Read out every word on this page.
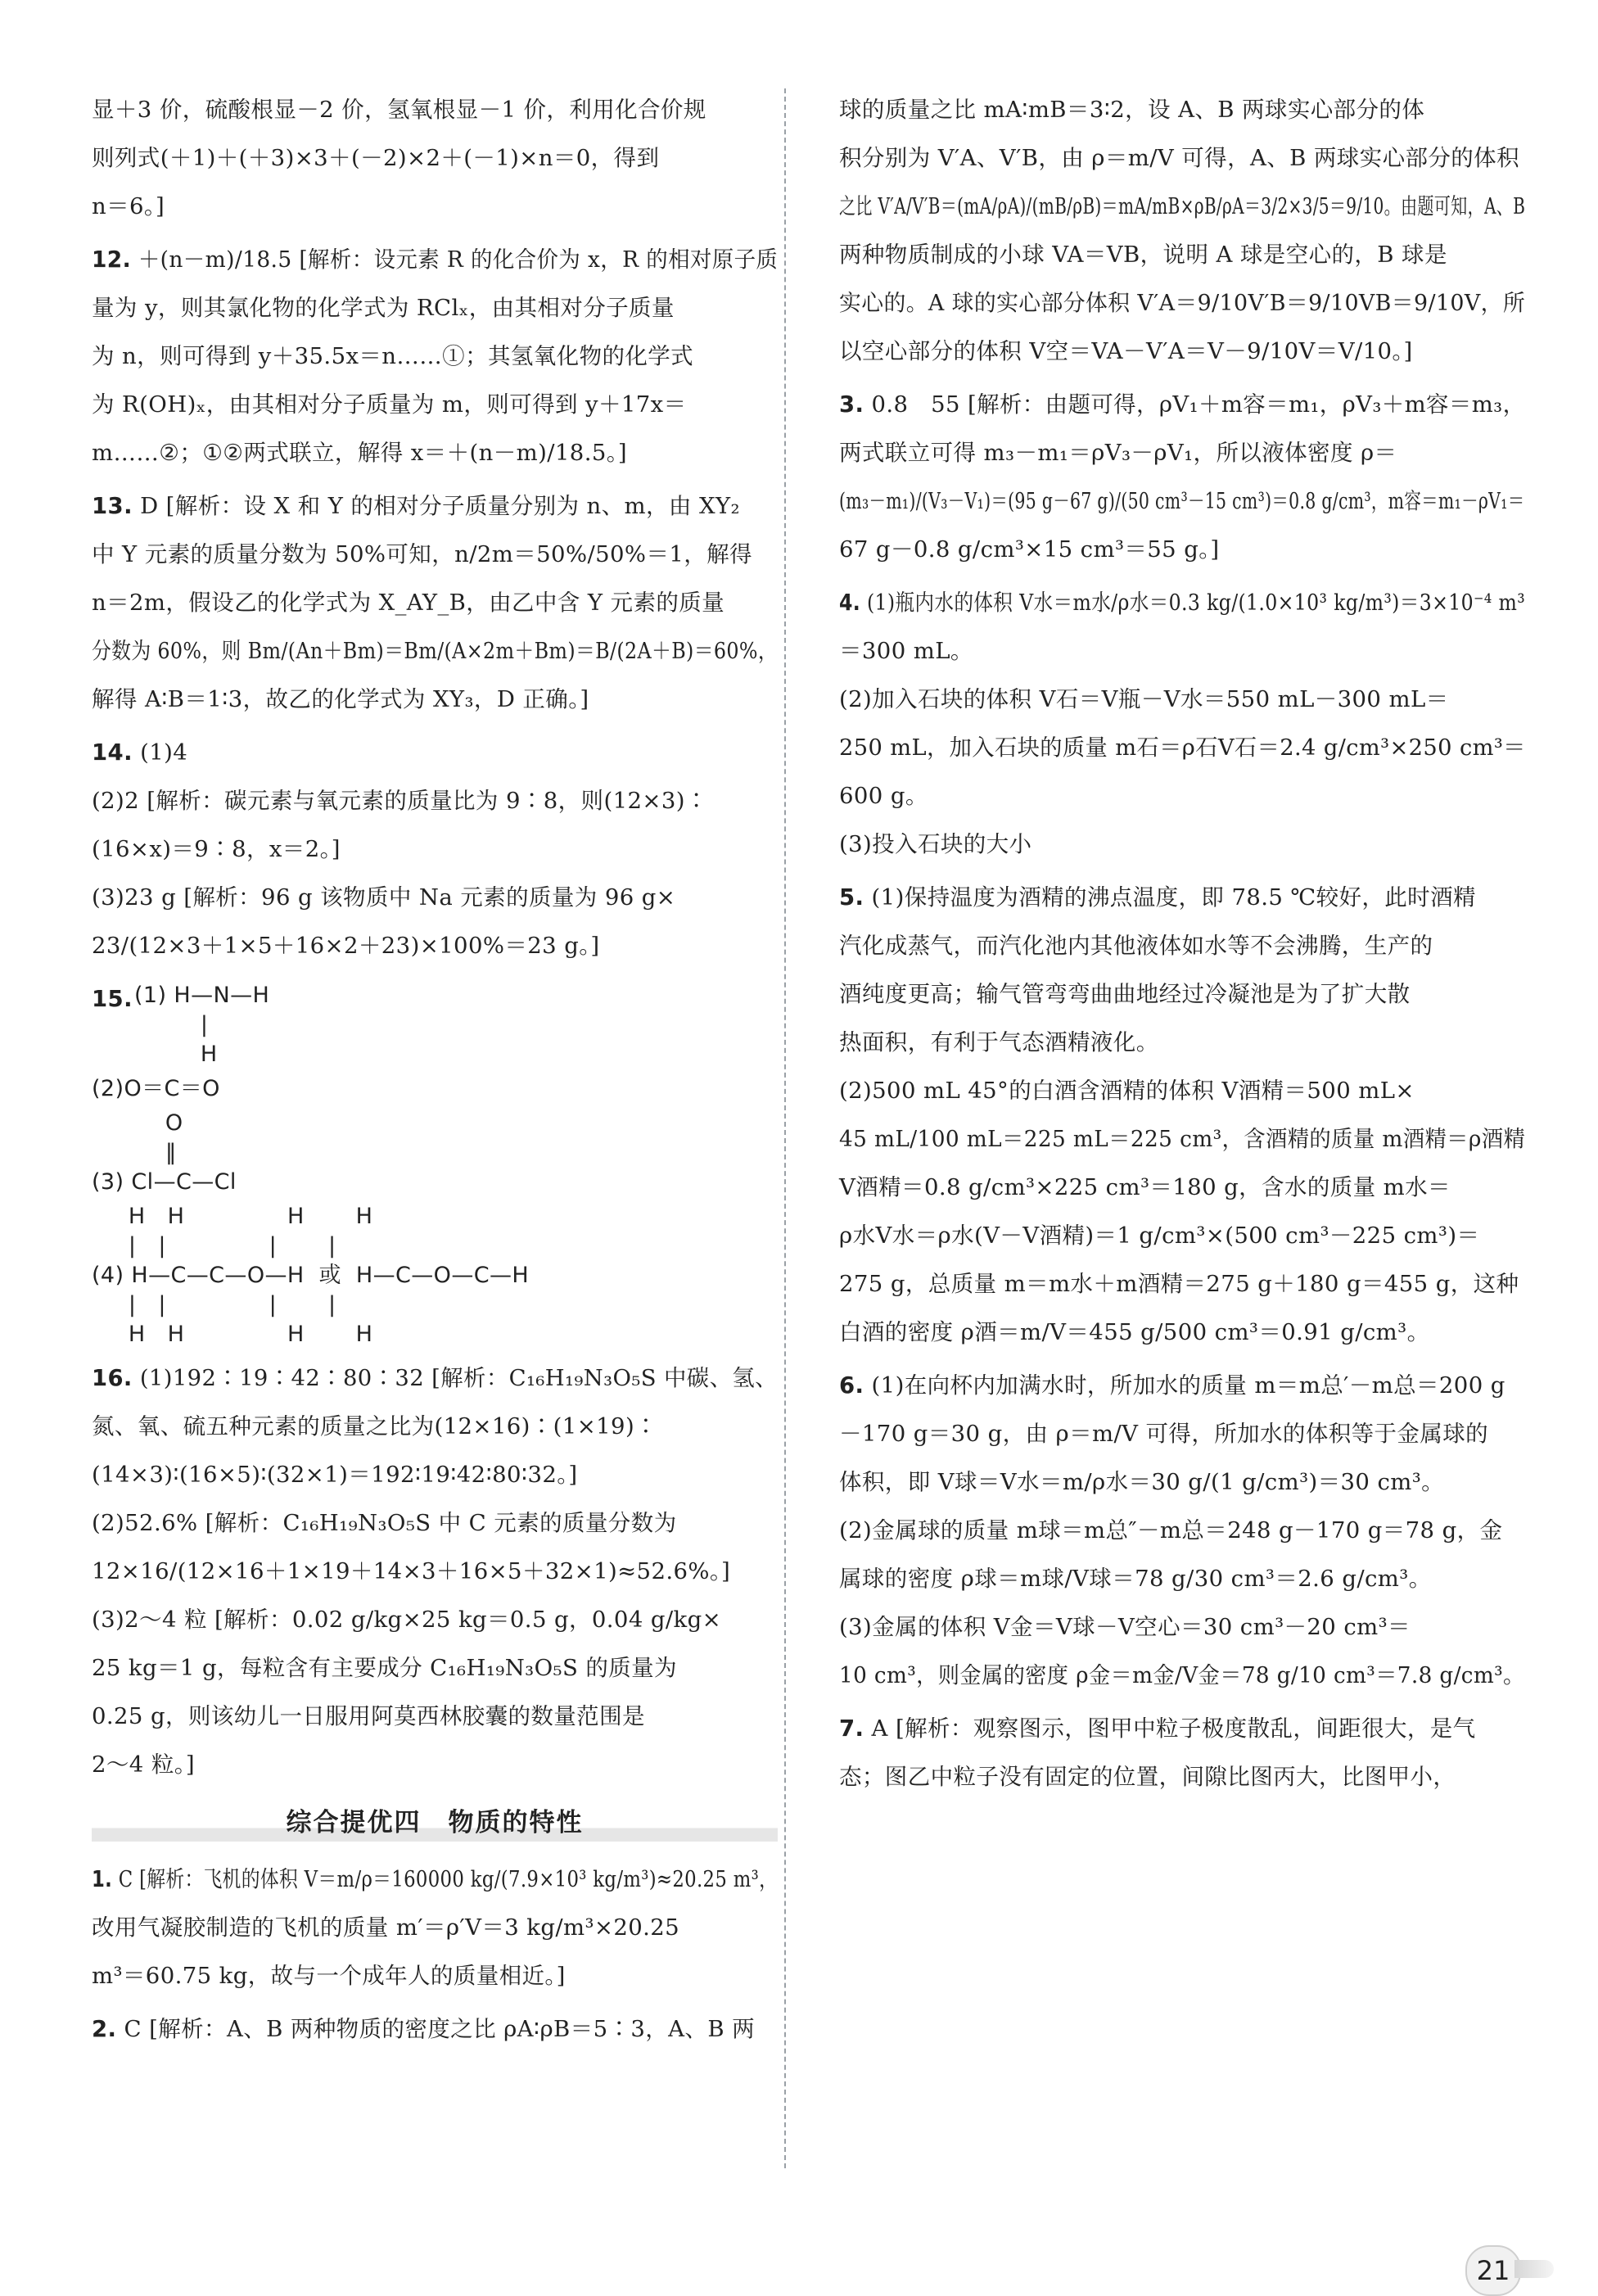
显＋3 价，硫酸根显－2 价，氢氧根显－1 价，利用化合价规
则列式(＋1)＋(＋3)×3＋(－2)×2＋(－1)×n＝0，得到
n＝6。]
12. ＋(n－m)/18.5 [解析：设元素 R 的化合价为 x，R 的相对原子质
量为 y，则其氯化物的化学式为 RClₓ，由其相对分子质量
为 n，则可得到 y＋35.5x＝n……①；其氢氧化物的化学式
为 R(OH)ₓ，由其相对分子质量为 m，则可得到 y＋17x＝
m……②；①②两式联立，解得 x＝＋(n－m)/18.5。]
13. D [解析：设 X 和 Y 的相对分子质量分别为 n、m，由 XY₂
中 Y 元素的质量分数为 50%可知，n/2m＝50%/50%＝1，解得
n＝2m，假设乙的化学式为 X_AY_B，由乙中含 Y 元素的质量
分数为 60%，则 Bm/(An＋Bm)＝Bm/(A×2m＋Bm)＝B/(2A＋B)＝60%，
解得 A∶B＝1∶3，故乙的化学式为 XY₃，D 正确。]
14. (1)4
(2)2 [解析：碳元素与氧元素的质量比为 9∶8，则(12×3)∶
(16×x)＝9∶8，x＝2。]
(3)23 g [解析：96 g 该物质中 Na 元素的质量为 96 g×
23/(12×3＋1×5＋16×2＋23)×100%＝23 g。]
15. (1) H—N—H
|
H
(2)O＝C＝O
O
‖
(3) Cl—C—Cl
H   H              H       H
|   |              |       |
(4) H—C—C—O—H  或  H—C—O—C—H
|   |              |       |
H   H              H       H
16. (1)192∶19∶42∶80∶32 [解析：C₁₆H₁₉N₃O₅S 中碳、氢、
氮、氧、硫五种元素的质量之比为(12×16)∶(1×19)∶
(14×3)∶(16×5)∶(32×1)＝192∶19∶42∶80∶32。]
(2)52.6% [解析：C₁₆H₁₉N₃O₅S 中 C 元素的质量分数为
12×16/(12×16＋1×19＋14×3＋16×5＋32×1)≈52.6%。]
(3)2～4 粒 [解析：0.02 g/kg×25 kg＝0.5 g，0.04 g/kg×
25 kg＝1 g，每粒含有主要成分 C₁₆H₁₉N₃O₅S 的质量为
0.25 g，则该幼儿一日服用阿莫西林胶囊的数量范围是
2～4 粒。]
综合提优四　物质的特性
1. C [解析：飞机的体积 V＝m/ρ＝160000 kg/(7.9×10³ kg/m³)≈20.25 m³，
改用气凝胶制造的飞机的质量 m′＝ρ′V＝3 kg/m³×20.25
m³＝60.75 kg，故与一个成年人的质量相近。]
2. C [解析：A、B 两种物质的密度之比 ρA∶ρB＝5∶3，A、B 两
球的质量之比 mA∶mB＝3∶2，设 A、B 两球实心部分的体
积分别为 V′A、V′B，由 ρ＝m/V 可得，A、B 两球实心部分的体积
之比 V′A/V′B＝(mA/ρA)/(mB/ρB)＝mA/mB×ρB/ρA＝3/2×3/5＝9/10。由题可知，A、B
两种物质制成的小球 VA＝VB，说明 A 球是空心的，B 球是
实心的。A 球的实心部分体积 V′A＝9/10V′B＝9/10VB＝9/10V，所
以空心部分的体积 V空＝VA－V′A＝V－9/10V＝V/10。]
3. 0.8　55 [解析：由题可得，ρV₁＋m容＝m₁，ρV₃＋m容＝m₃，
两式联立可得 m₃－m₁＝ρV₃－ρV₁，所以液体密度 ρ＝
(m₃－m₁)/(V₃－V₁)＝(95 g－67 g)/(50 cm³－15 cm³)＝0.8 g/cm³，m容＝m₁－ρV₁＝
67 g－0.8 g/cm³×15 cm³＝55 g。]
4. (1)瓶内水的体积 V水＝m水/ρ水＝0.3 kg/(1.0×10³ kg/m³)＝3×10⁻⁴ m³
＝300 mL。
(2)加入石块的体积 V石＝V瓶－V水＝550 mL－300 mL＝
250 mL，加入石块的质量 m石＝ρ石V石＝2.4 g/cm³×250 cm³＝
600 g。
(3)投入石块的大小
5. (1)保持温度为酒精的沸点温度，即 78.5 ℃较好，此时酒精
汽化成蒸气，而汽化池内其他液体如水等不会沸腾，生产的
酒纯度更高；输气管弯弯曲曲地经过冷凝池是为了扩大散
热面积，有利于气态酒精液化。
(2)500 mL 45°的白酒含酒精的体积 V酒精＝500 mL×
45 mL/100 mL＝225 mL＝225 cm³，含酒精的质量 m酒精＝ρ酒精
V酒精＝0.8 g/cm³×225 cm³＝180 g，含水的质量 m水＝
ρ水V水＝ρ水(V－V酒精)＝1 g/cm³×(500 cm³－225 cm³)＝
275 g，总质量 m＝m水＋m酒精＝275 g＋180 g＝455 g，这种
白酒的密度 ρ酒＝m/V＝455 g/500 cm³＝0.91 g/cm³。
6. (1)在向杯内加满水时，所加水的质量 m＝m总′－m总＝200 g
－170 g＝30 g，由 ρ＝m/V 可得，所加水的体积等于金属球的
体积，即 V球＝V水＝m/ρ水＝30 g/(1 g/cm³)＝30 cm³。
(2)金属球的质量 m球＝m总″－m总＝248 g－170 g＝78 g，金
属球的密度 ρ球＝m球/V球＝78 g/30 cm³＝2.6 g/cm³。
(3)金属的体积 V金＝V球－V空心＝30 cm³－20 cm³＝
10 cm³，则金属的密度 ρ金＝m金/V金＝78 g/10 cm³＝7.8 g/cm³。
7. A [解析：观察图示，图甲中粒子极度散乱，间距很大，是气
态；图乙中粒子没有固定的位置，间隙比图丙大，比图甲小，
21
